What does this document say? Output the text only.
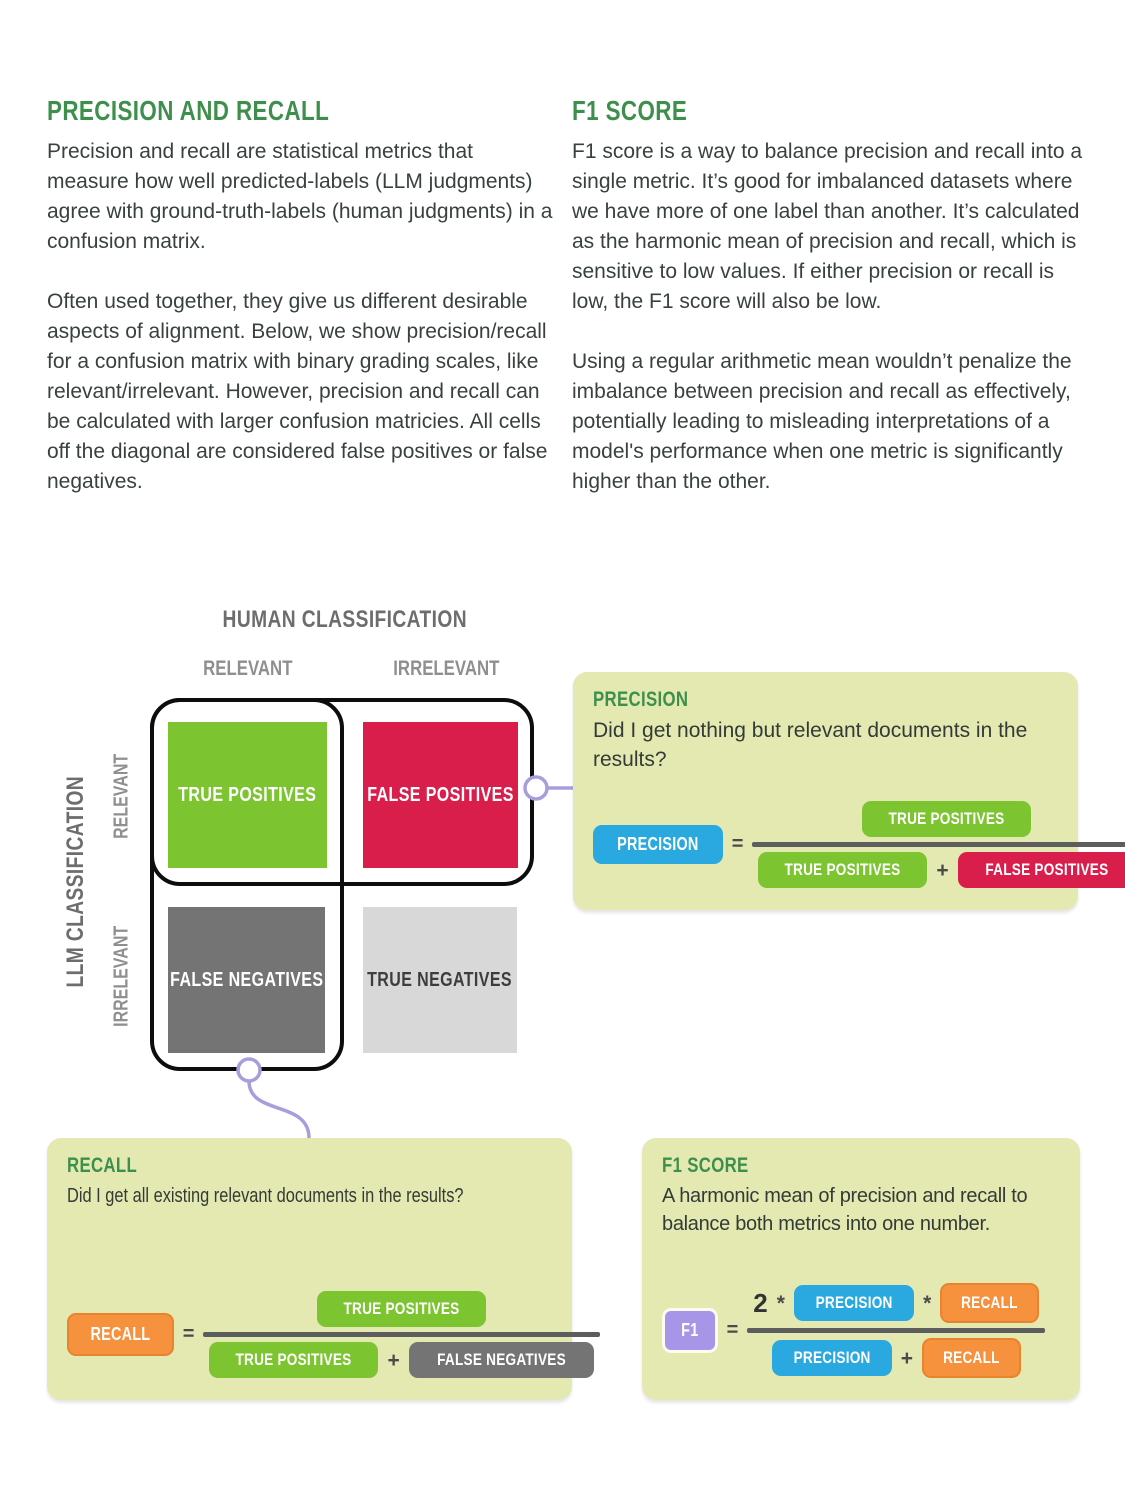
PRECISION AND RECALL

Precision and recall are statistical metrics that measure how well predicted-labels (LLM judgments) agree with ground-truth-labels (human judgments) in a confusion matrix.

Often used together, they give us different desirable aspects of alignment. Below, we show precision/recall for a confusion matrix with binary grading scales, like relevant/irrelevant. However, precision and recall can be calculated with larger confusion matricies. All cells off the diagonal are considered false positives or false negatives.

F1 SCORE

F1 score is a way to balance precision and recall into a single metric. It’s good for imbalanced datasets where we have more of one label than another. It’s calculated as the harmonic mean of precision and recall, which is sensitive to low values. If either precision or recall is low, the F1 score will also be low.

Using a regular arithmetic mean wouldn’t penalize the imbalance between precision and recall as effectively, potentially leading to misleading interpretations of a model's performance when one metric is significantly higher than the other.

HUMAN CLASSIFICATION
RELEVANT	IRRELEVANT
LLM CLASSIFICATION RELEVANT
IRRELEVANT
TRUE POSITIVES	FALSE POSITIVES
FALSE NEGATIVES TRUE NEGATIVES
PRECISION
Did I get nothing but relevant documents in the results?
PRECISION =
TRUE POSITIVES
TRUE POSITIVES + FALSE POSITIVES
RECALL
Did I get all existing relevant documents in the results?
RECALL =
TRUE POSITIVES
TRUE POSITIVES + FALSE NEGATIVES
F1 SCORE
A harmonic mean of precision and recall to balance both metrics into one number.
F1 =
2 * PRECISION * RECALL
PRECISION + RECALL
